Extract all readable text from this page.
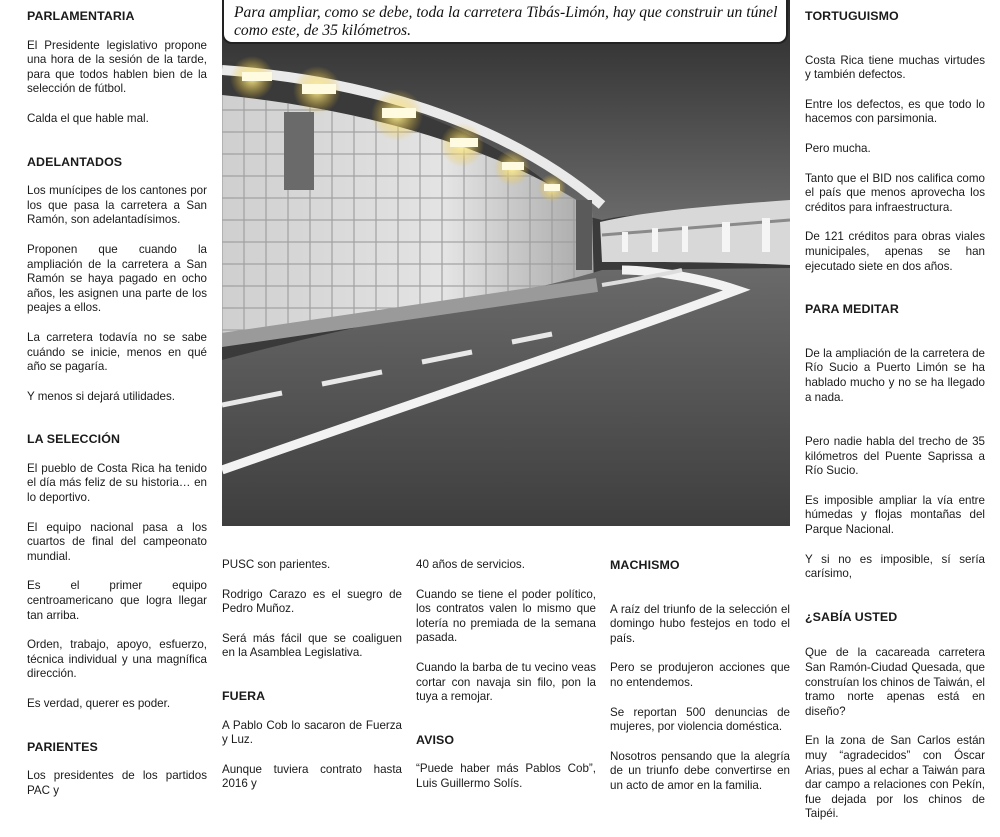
PARLAMENTARIA

El Presidente legislativo propone una hora de la sesión de la tarde, para que todos hablen bien de la selección de fútbol.

Calda el que hable mal.

ADELANTADOS

Los munícipes de los cantones por los que pasa la carretera a San Ramón, son adelantadísimos.

Proponen que cuando la ampliación de la carretera a San Ramón se haya pagado en ocho años, les asignen una parte de los peajes a ellos.

La carretera todavía no se sabe cuándo se inicie, menos en qué año se pagaría.

Y menos si dejará utilidades.

LA SELECCIÓN

El pueblo de Costa Rica ha tenido el día más feliz de su historia… en lo deportivo.

El equipo nacional pasa a los cuartos de final del campeonato mundial.

Es el primer equipo centroamericano que logra llegar tan arriba.

Orden, trabajo, apoyo, esfuerzo, técnica individual y una magnífica dirección.

Es verdad, querer es poder.

PARIENTES

Los presidentes de los partidos PAC y

Para ampliar, como se debe, toda la carretera Tibás-Limón, hay que construir un túnel como este, de 35 kilómetros.

PUSC son parientes.

Rodrigo Carazo es el suegro de Pedro Muñoz.

Será más fácil que se coaliguen en la Asamblea Legislativa.

FUERA

A Pablo Cob lo sacaron de Fuerza y Luz.

Aunque tuviera contrato hasta 2016 y

40 años de servicios.

Cuando se tiene el poder político, los contratos valen lo mismo que lotería no premiada de la semana pasada.

Cuando la barba de tu vecino veas cortar con navaja sin filo, pon la tuya a remojar.

AVISO

“Puede haber más Pablos Cob”, Luis Guillermo Solís.

MACHISMO

A raíz del triunfo de la selección el domingo hubo festejos en todo el país.

Pero se produjeron acciones que no entendemos.

Se reportan 500 denuncias de mujeres, por violencia doméstica.

Nosotros pensando que la alegría de un triunfo debe convertirse en un acto de amor en la familia.

TORTUGUISMO

Costa Rica tiene muchas virtudes y también defectos.

Entre los defectos, es que todo lo hacemos con parsimonia.

Pero mucha.

Tanto que el BID nos califica como el país que menos aprovecha los créditos para infraestructura.

De 121 créditos para obras viales municipales, apenas se han ejecutado siete en dos años.

PARA MEDITAR

De la ampliación de la carretera de Río Sucio a Puerto Limón se ha hablado mucho y no se ha llegado a nada.

Pero nadie habla del trecho de 35 kilómetros del Puente Saprissa a Río Sucio.

Es imposible ampliar la vía entre húmedas y flojas montañas del Parque Nacional.

Y si no es imposible, sí sería carísimo,

¿SABÍA USTED

Que de la cacareada carretera San Ramón-Ciudad Quesada, que construían los chinos de Taiwán, el tramo norte apenas está en diseño?

En la zona de San Carlos están muy “agradecidos” con Óscar Arias, pues al echar a Taiwán para dar campo a relaciones con Pekín, fue dejada por los chinos de Taipéi.
